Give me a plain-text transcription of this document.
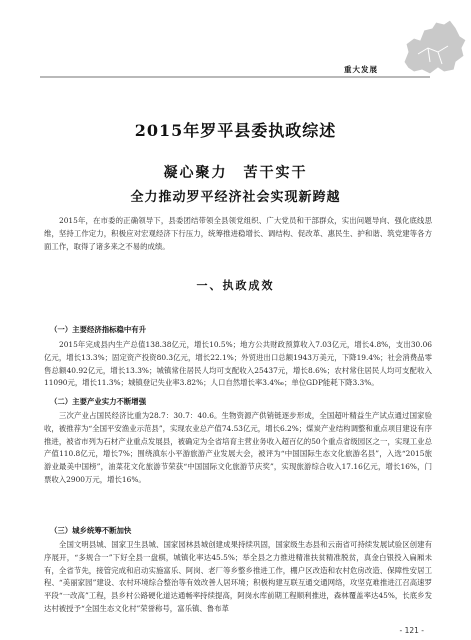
重大发展
2015年罗平县委执政综述
凝心聚力　苦干实干
全力推动罗平经济社会实现新跨越

2015年，在市委的正确领导下，县委团结带领全县领党组织、广大党员和干部群众，实出问题导向、强化底线思维，坚持工作定力，积极应对宏观经济下行压力，统筹推进稳增长、调结构、促改革、惠民生、护和谐、筑党建等各方面工作，取得了诸多来之不易的成绩。

一、执政成效
（一）主要经济指标稳中有升

2015年完成县内生产总值138.38亿元，增长10.5%；地方公共财政预算收入7.03亿元，增长4.8%，支出30.06亿元，增长13.3%；固定资产投资80.3亿元，增长22.1%；外贸进出口总额1943万美元，下降19.4%；社会消费品零售总额40.92亿元，增长13.3%；城镇常住居民人均可支配收入25437元，增长8.6%；农村常住居民人均可支配收入11090元，增长11.3%；城镇登记失业率3.82%；人口自然增长率3.4‰；单位GDP能耗下降3.3%。

（二）主要产业实力不断增强

三次产业占国民经济比重为28.7：30.7：40.6。生物资源产供销链逐步形成，全国超叶精益生产试点通过国家验收，被推荐为“全国平安渔业示范县”，实现农业总产值74.53亿元，增长6.2%；煤炭产业结构调整和重点项目建设有序推进，被省市列为石材产业重点发展县，被确定为全省培育主营业务收入超百亿的50个重点省级园区之一，实现工业总产值110.8亿元，增长7%；围绕滇东小平游旅游产业发展大会，被评为“中国国际生态文化旅游名县”，入选“2015旅游业最美中国榜”，油菜花文化旅游节荣获“中国国际文化旅游节庆奖”，实现旅游综合收入17.16亿元，增长16%，门票收入2900万元，增长16%。

（三）城乡统筹不断加快

全国文明县城、国家卫生县城、国家园林县城创建成果持续巩固，国家级生态县和云南省可持续发展试验区创建有序展开，“多规合一”下好全县一盘棋，城镇化率达45.5%；举全县之力推进精准扶贫精准脱贫，真金白银投入扁厢未有，全省节先，接管完成和启动实施富乐、阿岗、老厂等乡整乡推进工作，棚户区改造和农村危房改造、保障性安居工程、“美丽家园”建设、农村环境综合整治等有效改善人居环境；积极构建互联互通交通网络，攻坚克难推进江召高速罗平段“一改高”工程，县乡村公路硬化道达通畅率持续提高，阿岗水库前期工程顺利推进，森林覆盖率达45%，长底乡发达村被授予“全国生态文化村”荣誉称号，富乐镇、鲁布革

- 121 -
